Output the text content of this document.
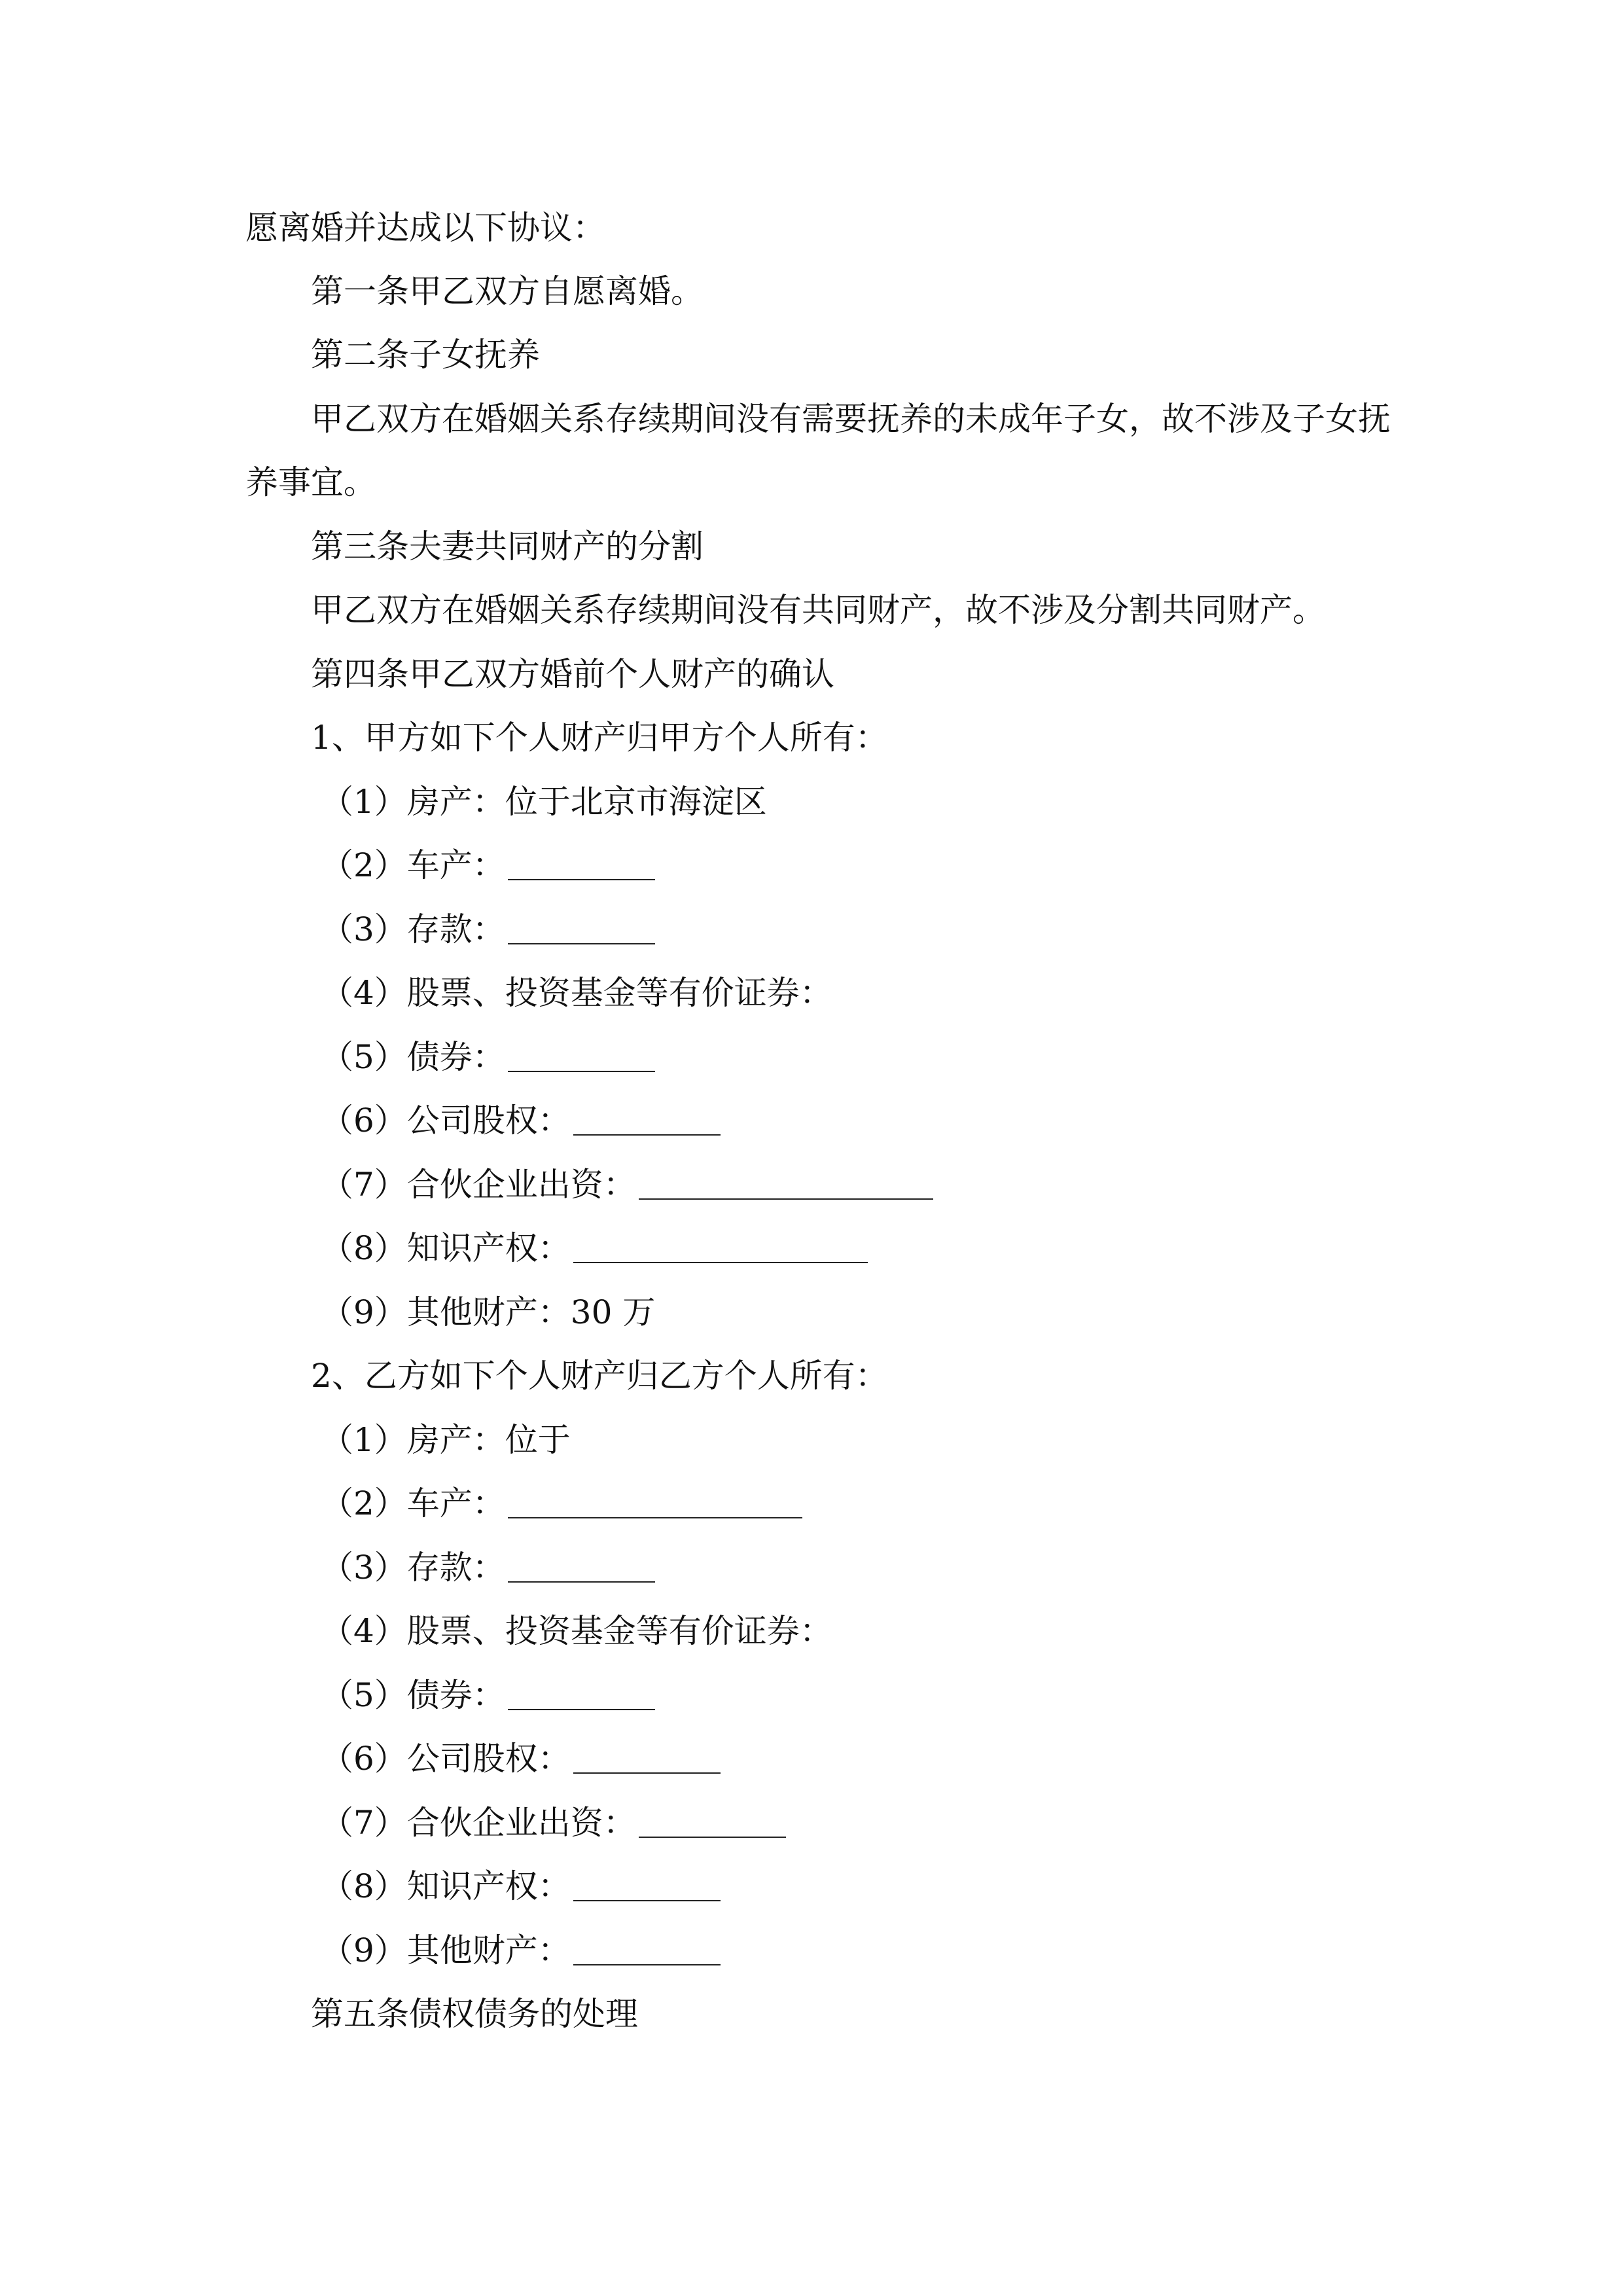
愿离婚并达成以下协议：
第一条甲乙双方自愿离婚。
第二条子女抚养
甲乙双方在婚姻关系存续期间没有需要抚养的未成年子女，故不涉及子女抚
养事宜。
第三条夫妻共同财产的分割
甲乙双方在婚姻关系存续期间没有共同财产，故不涉及分割共同财产。
第四条甲乙双方婚前个人财产的确认
1、甲方如下个人财产归甲方个人所有：
（1）房产：位于北京市海淀区
（2）车产：
（3）存款：
（4）股票、投资基金等有价证券：
（5）债券：
（6）公司股权：
（7）合伙企业出资：
（8）知识产权：
（9）其他财产：30 万
2、乙方如下个人财产归乙方个人所有：
（1）房产：位于
（2）车产：
（3）存款：
（4）股票、投资基金等有价证券：
（5）债券：
（6）公司股权：
（7）合伙企业出资：
（8）知识产权：
（9）其他财产：
第五条债权债务的处理
